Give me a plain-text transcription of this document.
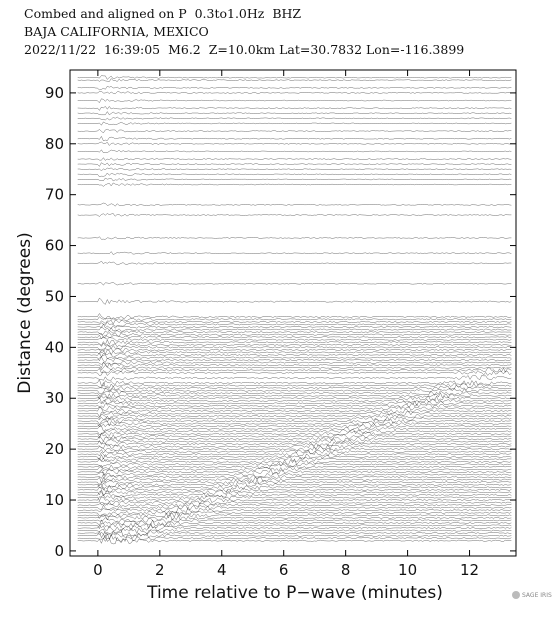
Combed and aligned on P  0.3to1.0Hz  BHZ
BAJA CALIFORNIA, MEXICO
2022/11/22  16:39:05  M6.2  Z=10.0km Lat=30.7832 Lon=-116.3899
0	2	4	6	8	10	12
0
10
20
30
40
50
60
70
80
90
Time relative to P−wave (minutes)
Distance (degrees)
SAGE IRIS
